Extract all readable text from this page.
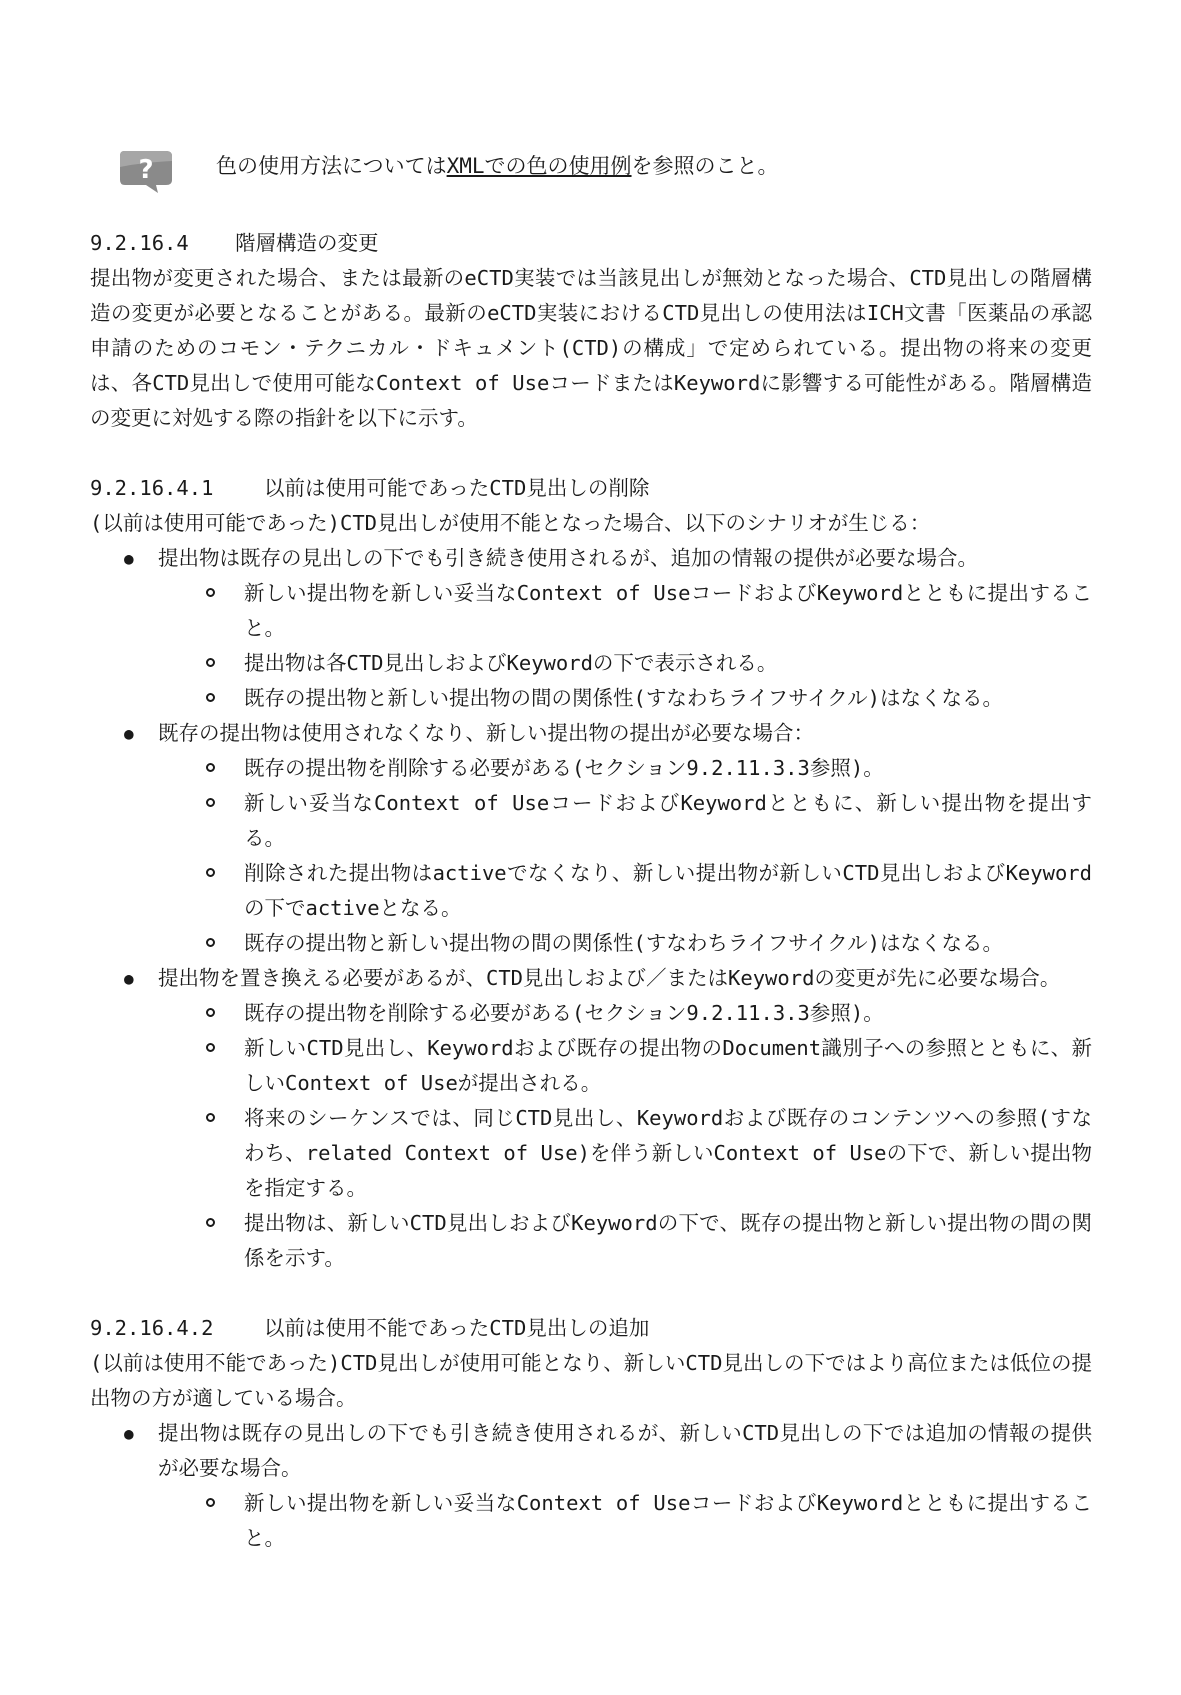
?	色の使用方法についてはXMLでの色の使用例を参照のこと。
9.2.16.4	階層構造の変更
提出物が変更された場合、または最新のeCTD実装では当該見出しが無効となった場合、CTD見出しの階層構造の変更が必要となることがある。最新のeCTD実装におけるCTD見出しの使用法はICH文書「医薬品の承認申請のためのコモン・テクニカル・ドキュメント(CTD)の構成」で定められている。提出物の将来の変更は、各CTD見出しで使用可能なContext of UseコードまたはKeywordに影響する可能性がある。階層構造の変更に対処する際の指針を以下に示す。
9.2.16.4.1	以前は使用可能であったCTD見出しの削除
(以前は使用可能であった)CTD見出しが使用不能となった場合、以下のシナリオが生じる：
● 提出物は既存の見出しの下でも引き続き使用されるが、追加の情報の提供が必要な場合。
新しい提出物を新しい妥当なContext of UseコードおよびKeywordとともに提出すること。
提出物は各CTD見出しおよびKeywordの下で表示される。
既存の提出物と新しい提出物の間の関係性(すなわちライフサイクル)はなくなる。
● 既存の提出物は使用されなくなり、新しい提出物の提出が必要な場合：
既存の提出物を削除する必要がある(セクション9.2.11.3.3参照)。
新しい妥当なContext of UseコードおよびKeywordとともに、新しい提出物を提出する。
削除された提出物はactiveでなくなり、新しい提出物が新しいCTD見出しおよびKeywordの下でactiveとなる。
既存の提出物と新しい提出物の間の関係性(すなわちライフサイクル)はなくなる。
● 提出物を置き換える必要があるが、CTD見出しおよび／またはKeywordの変更が先に必要な場合。
既存の提出物を削除する必要がある(セクション9.2.11.3.3参照)。
新しいCTD見出し、Keywordおよび既存の提出物のDocument識別子への参照とともに、新しいContext of Useが提出される。
将来のシーケンスでは、同じCTD見出し、Keywordおよび既存のコンテンツへの参照(すなわち、related Context of Use)を伴う新しいContext of Useの下で、新しい提出物を指定する。
提出物は、新しいCTD見出しおよびKeywordの下で、既存の提出物と新しい提出物の間の関係を示す。
9.2.16.4.2	以前は使用不能であったCTD見出しの追加
(以前は使用不能であった)CTD見出しが使用可能となり、新しいCTD見出しの下ではより高位または低位の提出物の方が適している場合。
● 提出物は既存の見出しの下でも引き続き使用されるが、新しいCTD見出しの下では追加の情報の提供が必要な場合。
新しい提出物を新しい妥当なContext of UseコードおよびKeywordとともに提出すること。
